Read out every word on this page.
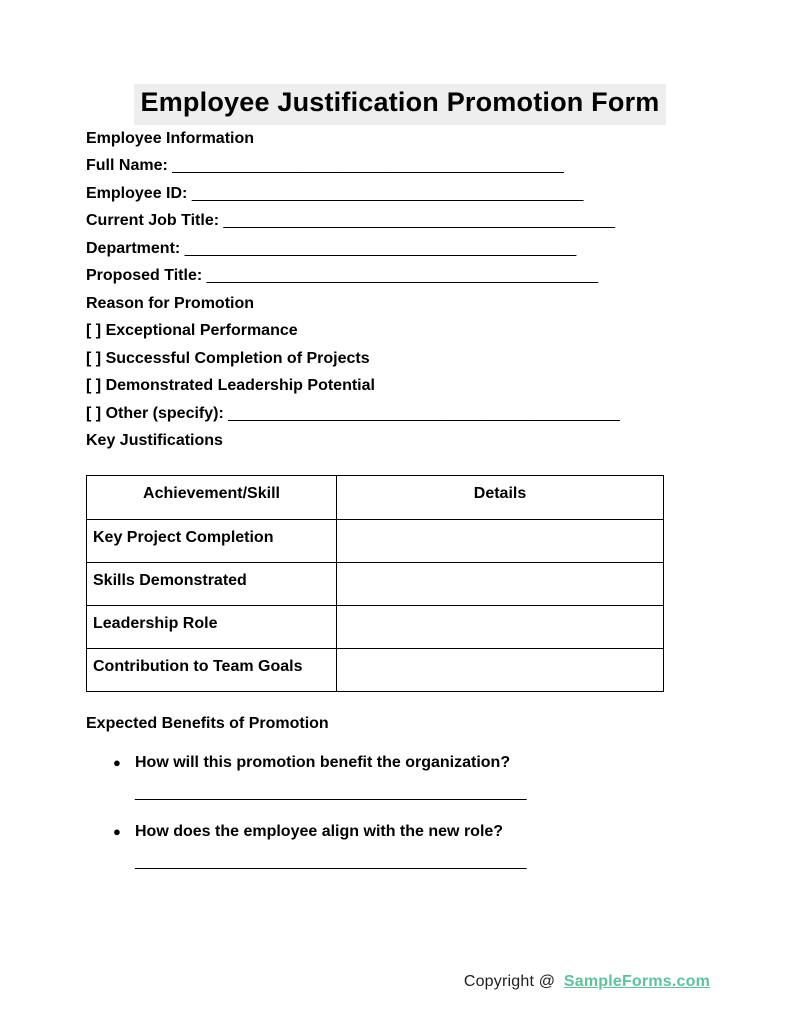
Employee Justification Promotion Form

Employee Information

Full Name: ____________________________________________

Employee ID: ____________________________________________

Current Job Title: ____________________________________________

Department: ____________________________________________

Proposed Title: ____________________________________________

Reason for Promotion

[ ] Exceptional Performance

[ ] Successful Completion of Projects

[ ] Demonstrated Leadership Potential

[ ] Other (specify): ____________________________________________

Key Justifications

Achievement/Skill	Details
Key Project Completion	
Skills Demonstrated	
Leadership Role	
Contribution to Team Goals	

Expected Benefits of Promotion

● How will this promotion benefit the organization?

____________________________________________

● How does the employee align with the new role?

____________________________________________

Copyright @ SampleForms.com
